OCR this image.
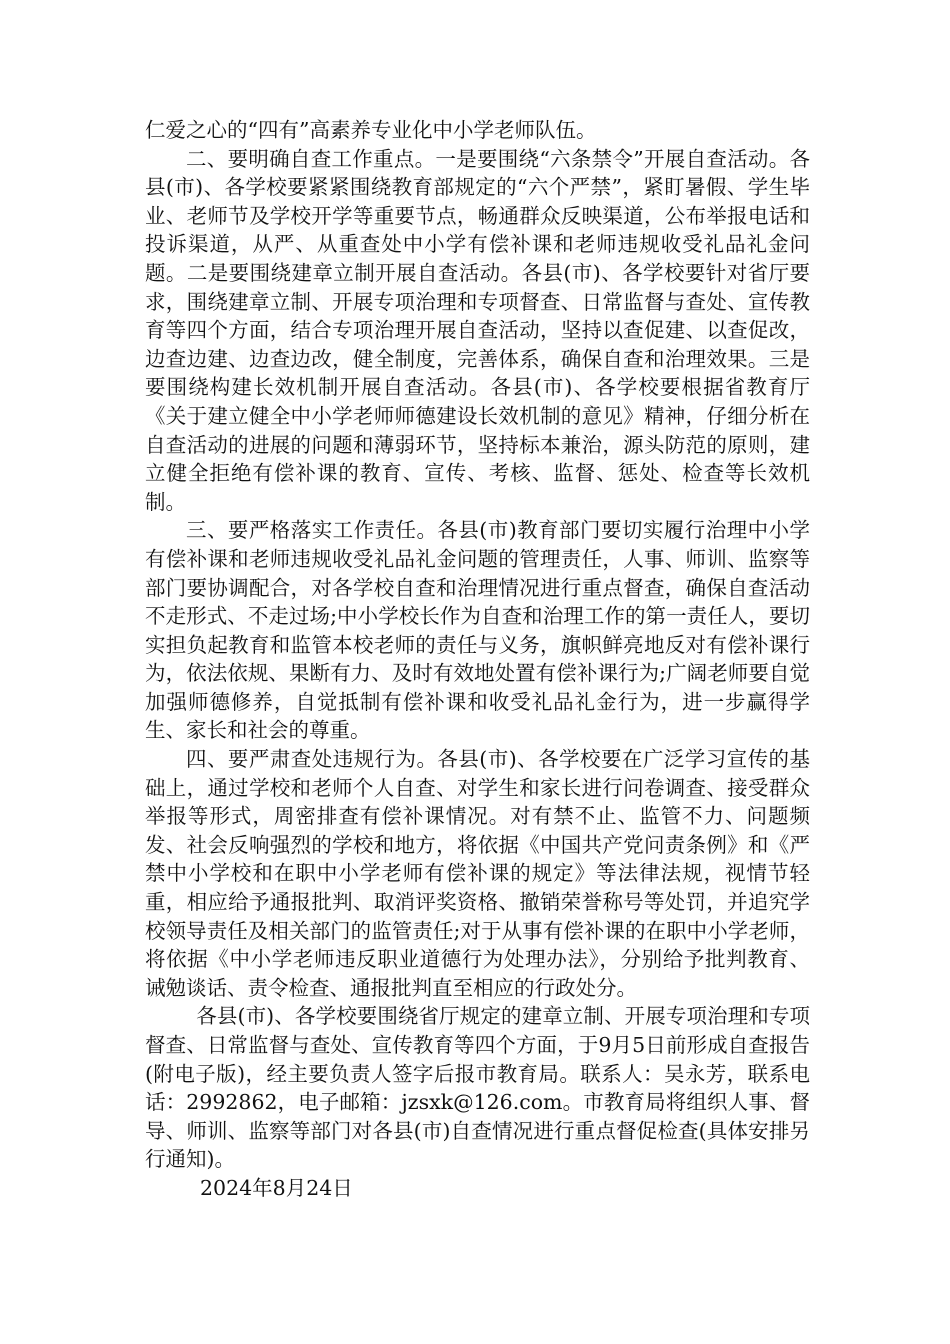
仁爱之心的“四有”高素养专业化中小学老师队伍。

二、要明确自查工作重点。一是要围绕“六条禁令”开展自查活动。各县(市)、各学校要紧紧围绕教育部规定的“六个严禁”，紧盯暑假、学生毕业、老师节及学校开学等重要节点，畅通群众反映渠道，公布举报电话和投诉渠道，从严、从重查处中小学有偿补课和老师违规收受礼品礼金问题。二是要围绕建章立制开展自查活动。各县(市)、各学校要针对省厅要求，围绕建章立制、开展专项治理和专项督查、日常监督与查处、宣传教育等四个方面，结合专项治理开展自查活动，坚持以查促建、以查促改，边查边建、边查边改，健全制度，完善体系，确保自查和治理效果。三是要围绕构建长效机制开展自查活动。各县(市)、各学校要根据省教育厅《关于建立健全中小学老师师德建设长效机制的意见》精神，仔细分析在自查活动的进展的问题和薄弱环节，坚持标本兼治，源头防范的原则，建立健全拒绝有偿补课的教育、宣传、考核、监督、惩处、检查等长效机制。

三、要严格落实工作责任。各县(市)教育部门要切实履行治理中小学有偿补课和老师违规收受礼品礼金问题的管理责任，人事、师训、监察等部门要协调配合，对各学校自查和治理情况进行重点督查，确保自查活动不走形式、不走过场;中小学校长作为自查和治理工作的第一责任人，要切实担负起教育和监管本校老师的责任与义务，旗帜鲜亮地反对有偿补课行为，依法依规、果断有力、及时有效地处置有偿补课行为;广阔老师要自觉加强师德修养，自觉抵制有偿补课和收受礼品礼金行为，进一步赢得学生、家长和社会的尊重。

四、要严肃查处违规行为。各县(市)、各学校要在广泛学习宣传的基础上，通过学校和老师个人自查、对学生和家长进行问卷调查、接受群众举报等形式，周密排查有偿补课情况。对有禁不止、监管不力、问题频发、社会反响强烈的学校和地方，将依据《中国共产党问责条例》和《严禁中小学校和在职中小学老师有偿补课的规定》等法律法规，视情节轻重，相应给予通报批判、取消评奖资格、撤销荣誉称号等处罚，并追究学校领导责任及相关部门的监管责任;对于从事有偿补课的在职中小学老师，将依据《中小学老师违反职业道德行为处理办法》，分别给予批判教育、诫勉谈话、责令检查、通报批判直至相应的行政处分。

各县(市)、各学校要围绕省厅规定的建章立制、开展专项治理和专项督查、日常监督与查处、宣传教育等四个方面，于9月5日前形成自查报告(附电子版)，经主要负责人签字后报市教育局。联系人：吴永芳，联系电话：2992862，电子邮箱：jzsxk@126.com。市教育局将组织人事、督导、师训、监察等部门对各县(市)自查情况进行重点督促检查(具体安排另行通知)。

2024年8月24日
